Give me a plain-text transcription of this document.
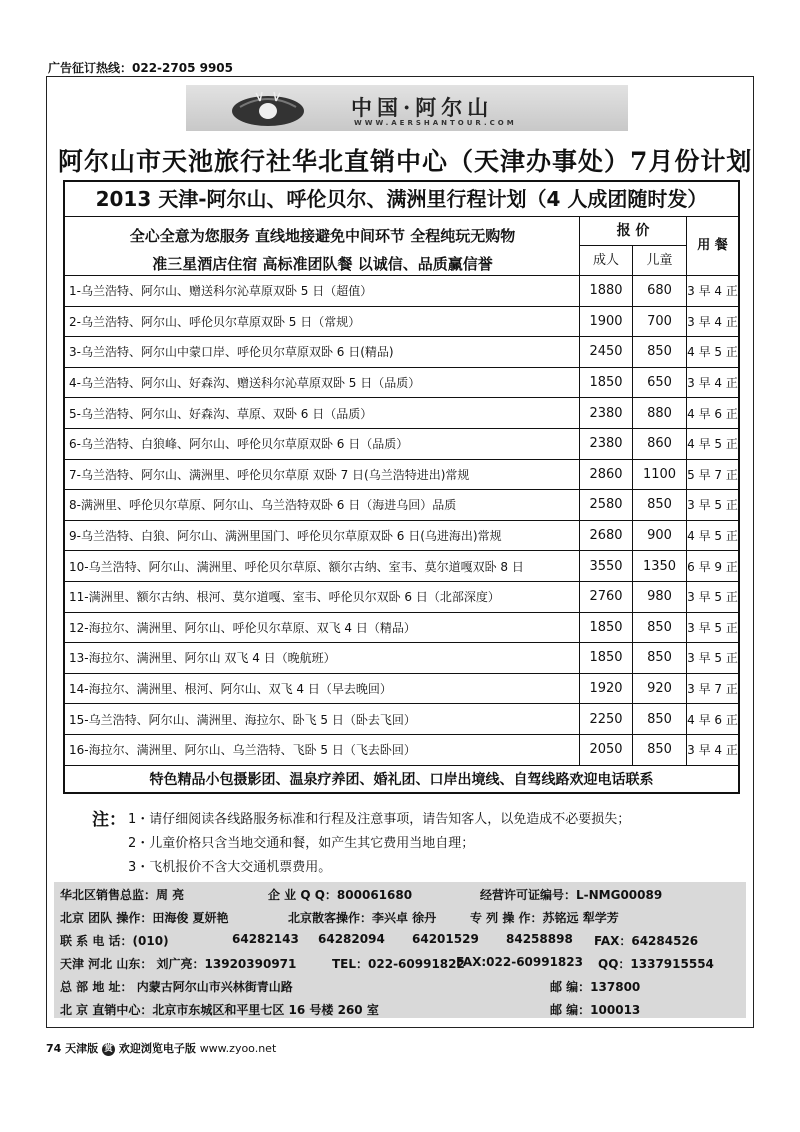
广告征订热线：022-2705 9905
中国·阿尔山
WWW.AERSHANTOUR.COM
阿尔山市天池旅行社华北直销中心（天津办事处）7月份计划
2013 天津-阿尔山、呼伦贝尔、满洲里行程计划（4 人成团随时发）
全心全意为您服务 直线地接避免中间环节 全程纯玩无购物
准三星酒店住宿 高标准团队餐 以诚信、品质赢信誉
报 价
成人	儿童
用 餐
1-乌兰浩特、阿尔山、赠送科尔沁草原双卧 5 日（超值）	1880	680	3 早 4 正
2-乌兰浩特、阿尔山、呼伦贝尔草原双卧 5 日（常规）	1900	700	3 早 4 正
3-乌兰浩特、阿尔山中蒙口岸、呼伦贝尔草原双卧 6 日(精品)	2450	850	4 早 5 正
4-乌兰浩特、阿尔山、好森沟、赠送科尔沁草原双卧 5 日（品质）	1850	650	3 早 4 正
5-乌兰浩特、阿尔山、好森沟、草原、双卧 6 日（品质）	2380	880	4 早 6 正
6-乌兰浩特、白狼峰、阿尔山、呼伦贝尔草原双卧 6 日（品质）	2380	860	4 早 5 正
7-乌兰浩特、阿尔山、满洲里、呼伦贝尔草原 双卧 7 日(乌兰浩特进出)常规	2860	1100 5 早 7 正
8-满洲里、呼伦贝尔草原、阿尔山、乌兰浩特双卧 6 日（海进乌回）品质	2580	850	3 早 5 正
9-乌兰浩特、白狼、阿尔山、满洲里国门、呼伦贝尔草原双卧 6 日(乌进海出)常规	2680	900	4 早 5 正
10-乌兰浩特、阿尔山、满洲里、呼伦贝尔草原、额尔古纳、室韦、莫尔道嘎双卧 8 日	3550	1350 6 早 9 正
11-满洲里、额尔古纳、根河、莫尔道嘎、室韦、呼伦贝尔双卧 6 日（北部深度）	2760	980	3 早 5 正
12-海拉尔、满洲里、阿尔山、呼伦贝尔草原、双飞 4 日（精品）	1850	850	3 早 5 正
13-海拉尔、满洲里、阿尔山 双飞 4 日（晚航班）	1850	850	3 早 5 正
14-海拉尔、满洲里、根河、阿尔山、双飞 4 日（早去晚回）	1920	920	3 早 7 正
15-乌兰浩特、阿尔山、满洲里、海拉尔、卧飞 5 日（卧去飞回）	2250	850	4 早 6 正
16-海拉尔、满洲里、阿尔山、乌兰浩特、飞卧 5 日（飞去卧回）	2050	850	3 早 4 正
特色精品小包摄影团、温泉疗养团、婚礼团、口岸出境线、自驾线路欢迎电话联系
注： 1・请仔细阅读各线路服务标准和行程及注意事项，请告知客人，以免造成不必要损失；
2・儿童价格只含当地交通和餐，如产生其它费用当地自理；
3・飞机报价不含大交通机票费用。
华北区销售总监：周 亮	企 业 Q Q：800061680	经营许可证编号：L-NMG00089
北京 团队 操作：田海俊 夏妍艳	北京散客操作：李兴卓 徐丹	专 列 操 作：苏铭远 犁学芳
联 系 电 话：(010)	64282143 64282094 64201529 84258898 FAX：64284526
天津 河北 山东： 刘广亮：13920390971	TEL：022-60991822
FAX:022-60991823 QQ：1337915554
总 部 地 址： 内蒙古阿尔山市兴林街青山路	邮 编：137800
北 京 直销中心：北京市东城区和平里七区 16 号楼 260 室	邮 编：100013
74 天津版 赏 欢迎浏览电子版 www.zyoo.net
